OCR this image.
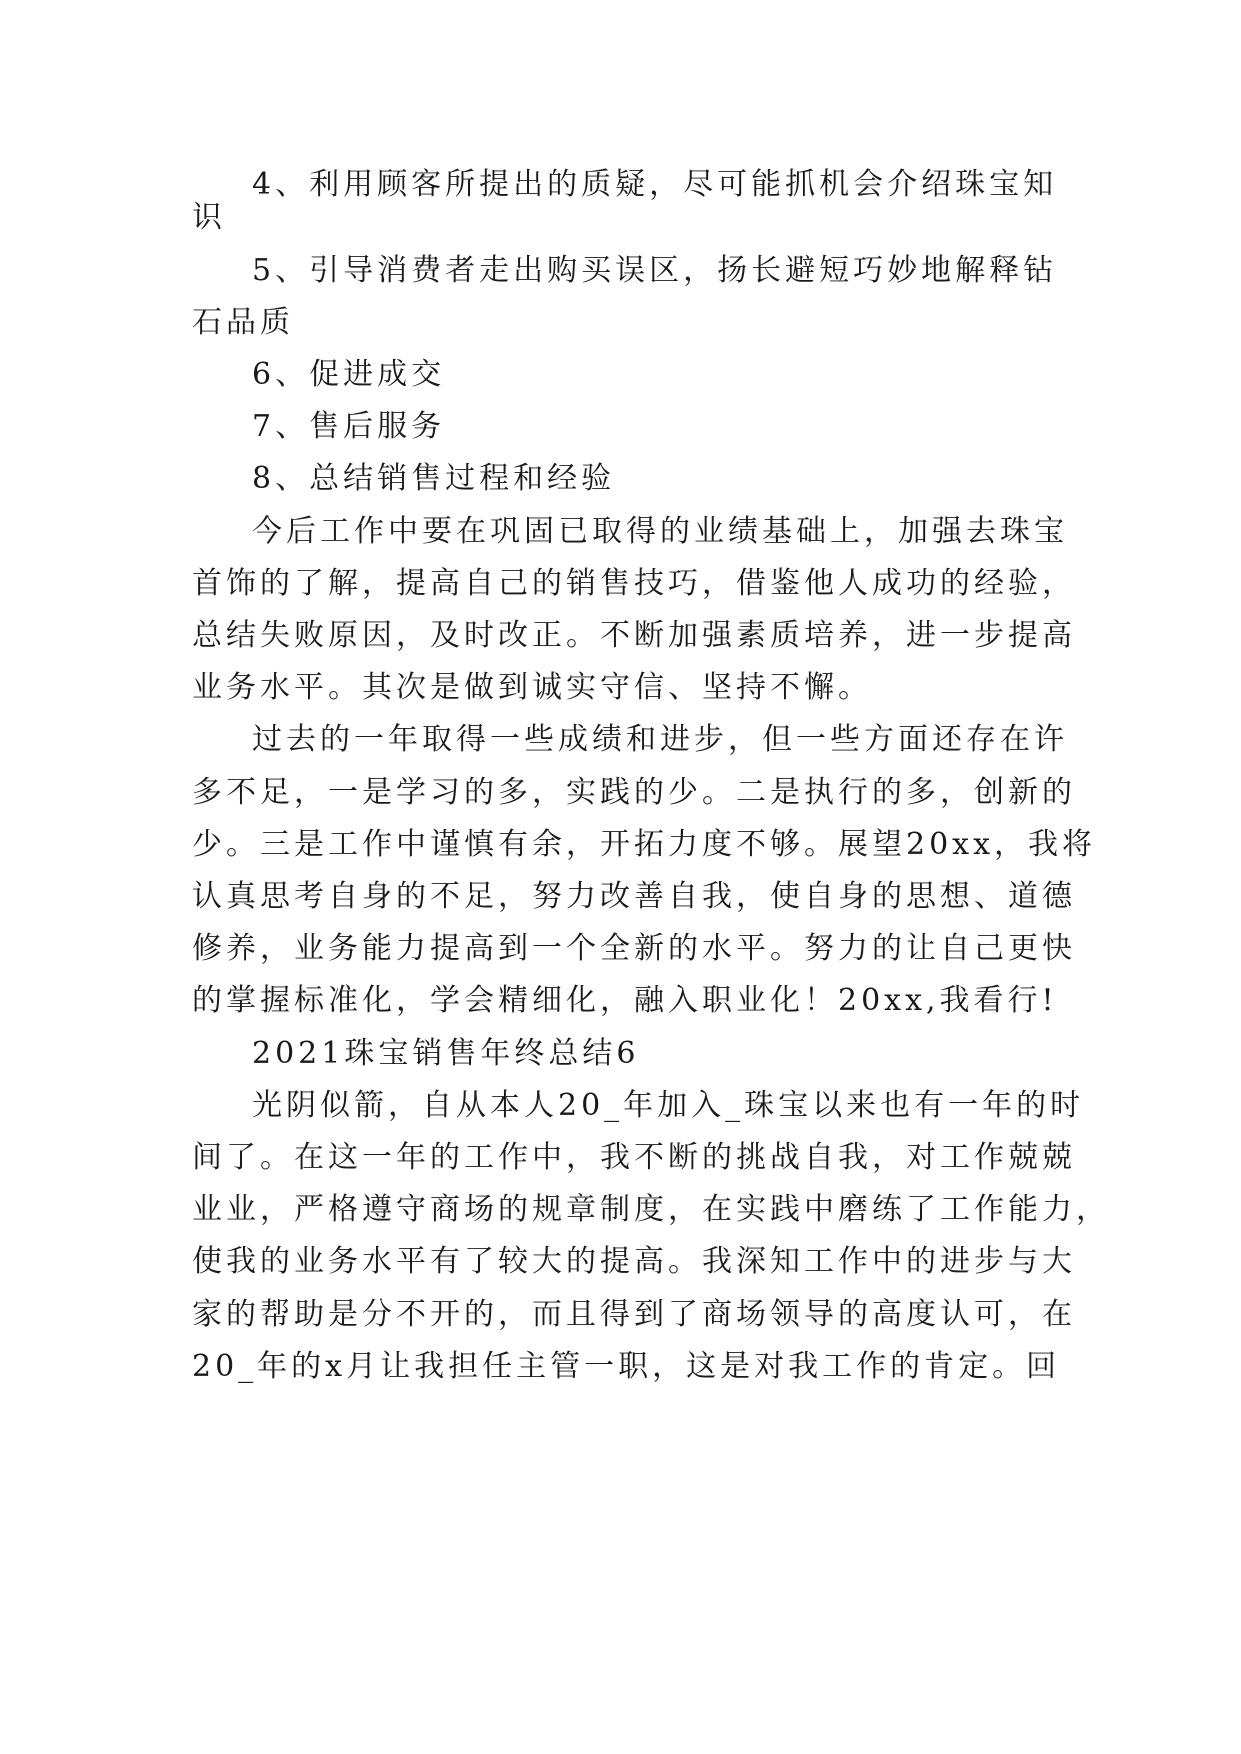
4、利用顾客所提出的质疑，尽可能抓机会介绍珠宝知
识
5、引导消费者走出购买误区，扬长避短巧妙地解释钻
石品质
6、促进成交
7、售后服务
8、总结销售过程和经验
今后工作中要在巩固已取得的业绩基础上，加强去珠宝
首饰的了解，提高自己的销售技巧，借鉴他人成功的经验，
总结失败原因，及时改正。不断加强素质培养，进一步提高
业务水平。其次是做到诚实守信、坚持不懈。
过去的一年取得一些成绩和进步，但一些方面还存在许
多不足，一是学习的多，实践的少。二是执行的多，创新的
少。三是工作中谨慎有余，开拓力度不够。展望20xx，我将
认真思考自身的不足，努力改善自我，使自身的思想、道德
修养，业务能力提高到一个全新的水平。努力的让自己更快
的掌握标准化，学会精细化，融入职业化！20xx,我看行!
2021珠宝销售年终总结6
光阴似箭，自从本人20_年加入_珠宝以来也有一年的时
间了。在这一年的工作中，我不断的挑战自我，对工作兢兢
业业，严格遵守商场的规章制度，在实践中磨练了工作能力，
使我的业务水平有了较大的提高。我深知工作中的进步与大
家的帮助是分不开的，而且得到了商场领导的高度认可，在
20_年的x月让我担任主管一职，这是对我工作的肯定。回
